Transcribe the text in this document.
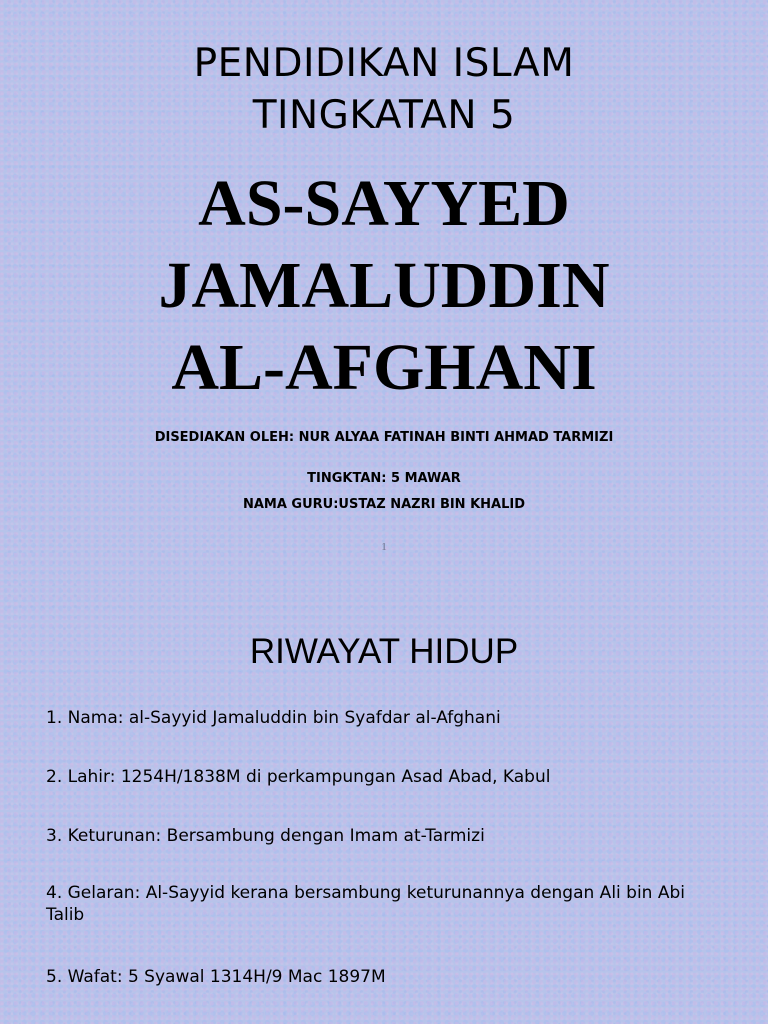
PENDIDIKAN ISLAM
TINGKATAN 5
AS-SAYYED
JAMALUDDIN
AL-AFGHANI
DISEDIAKAN OLEH: NUR ALYAA FATINAH BINTI AHMAD TARMIZI
TINGKTAN: 5 MAWAR
NAMA GURU:USTAZ NAZRI BIN KHALID
1
RIWAYAT HIDUP
1. Nama: al-Sayyid Jamaluddin bin Syafdar al-Afghani
2. Lahir: 1254H/1838M di perkampungan Asad Abad, Kabul
3. Keturunan: Bersambung dengan Imam at-Tarmizi
4. Gelaran: Al-Sayyid kerana bersambung keturunannya dengan Ali bin Abi Talib
5. Wafat: 5 Syawal 1314H/9 Mac 1897M
